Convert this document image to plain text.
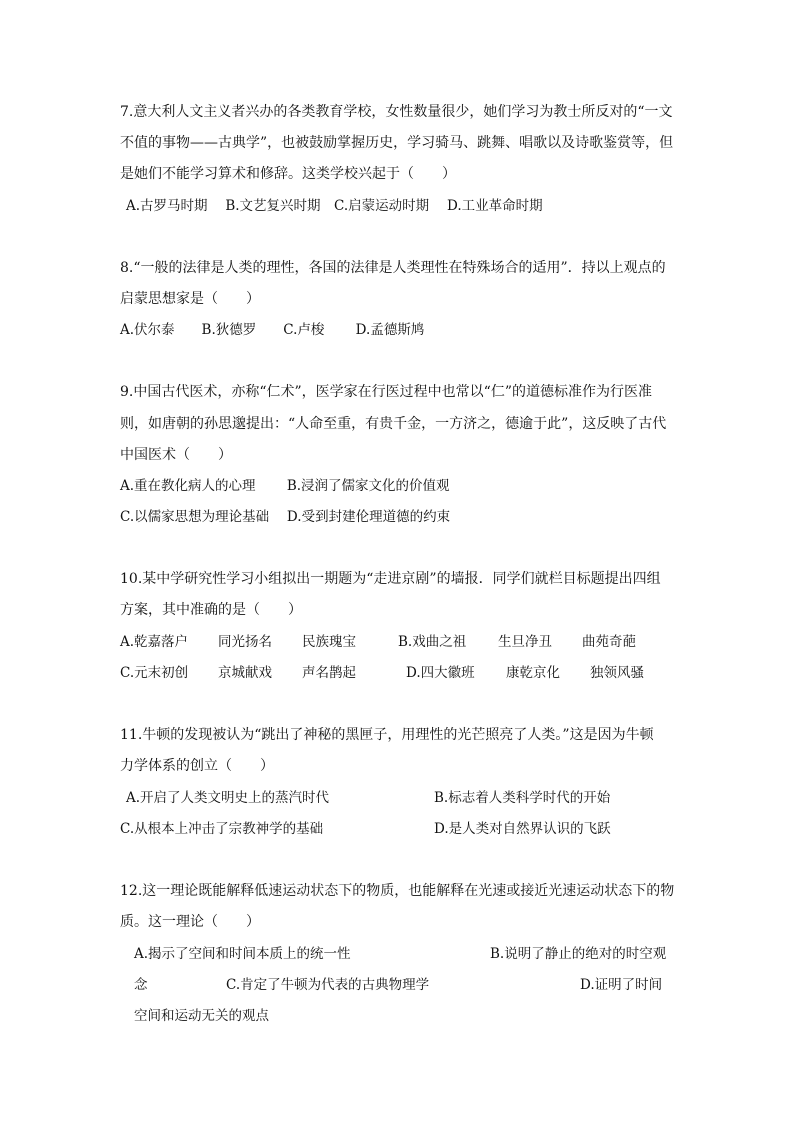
7.意大利人文主义者兴办的各类教育学校，女性数量很少，她们学习为教士所反对的“一文
不值的事物——古典学”，也被鼓励掌握历史，学习骑马、跳舞、唱歌以及诗歌鉴赏等，但
是她们不能学习算术和修辞。这类学校兴起于（　　）
A.古罗马时期　 B.文艺复兴时期　C.启蒙运动时期　 D.工业革命时期
8.“一般的法律是人类的理性，各国的法律是人类理性在特殊场合的适用”．持以上观点的
启蒙思想家是（　　）
A.伏尔泰　　B.狄德罗　　C.卢梭　　 D.孟德斯鸠
9.中国古代医术，亦称“仁术”，医学家在行医过程中也常以“仁”的道德标准作为行医准
则，如唐朝的孙思邈提出：“人命至重，有贵千金，一方济之，德逾于此”，这反映了古代
中国医术（　　）
A.重在教化病人的心理　　 B.浸润了儒家文化的价值观
C.以儒家思想为理论基础　 D.受到封建伦理道德的约束
10.某中学研究性学习小组拟出一期题为“走进京剧”的墙报．同学们就栏目标题提出四组
方案，其中准确的是（　　）
A.乾嘉落户 同光扬名 民族瑰宝	B.戏曲之祖 生旦净丑 曲苑奇葩
C.元末初创 京城献戏 声名鹊起	D.四大徽班 康乾京化 独领风骚
11.牛顿的发现被认为“跳出了神秘的黑匣子，用理性的光芒照亮了人类。”这是因为牛顿
力学体系的创立（　　）
A.开启了人类文明史上的蒸汽时代	B.标志着人类科学时代的开始
C.从根本上冲击了宗教神学的基础	D.是人类对自然界认识的飞跃
12.这一理论既能解释低速运动状态下的物质，也能解释在光速或接近光速运动状态下的物
质。这一理论（　　）
A.揭示了空间和时间本质上的统一性	B.说明了静止的绝对的时空观
念	C.肯定了牛顿为代表的古典物理学	D.证明了时间
空间和运动无关的观点
